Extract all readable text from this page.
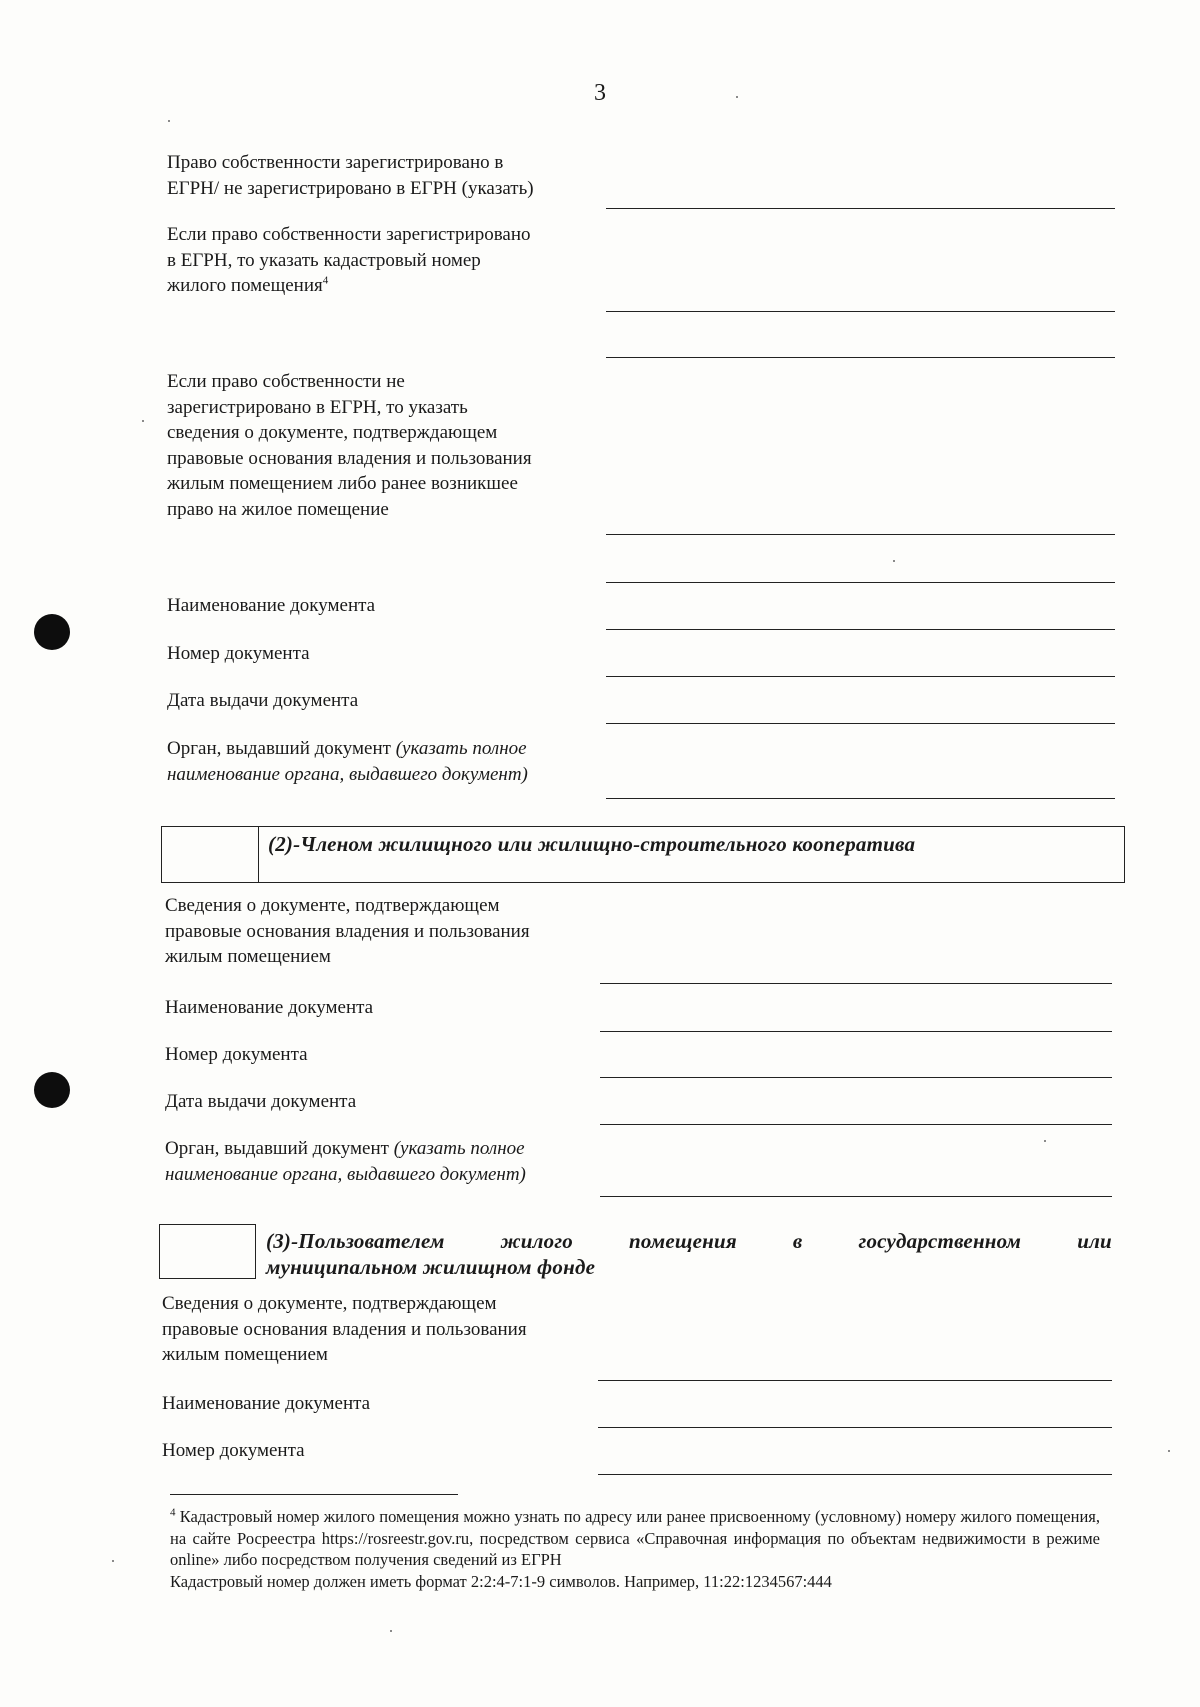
3
Право собственности зарегистрировано в
ЕГРН/ не зарегистрировано в ЕГРН (указать)
Если право собственности зарегистрировано
в ЕГРН, то указать кадастровый номер
жилого помещения$^4$
Если право собственности не
зарегистрировано в ЕГРН, то указать
сведения о документе, подтверждающем
правовые основания владения и пользования
жилым помещением либо ранее возникшее
право на жилое помещение
Наименование документа
Номер документа
Дата выдачи документа
Орган, выдавший документ (указать полное
наименование органа, выдавшего документ)
(2)-Членом жилищного или жилищно-строительного кооператива
Сведения о документе, подтверждающем
правовые основания владения и пользования
жилым помещением
Наименование документа
Номер документа
Дата выдачи документа
Орган, выдавший документ (указать полное
наименование органа, выдавшего документ)
(3)-Пользователем	жилого	помещения	в	государственном	или
муниципальном жилищном фонде
Сведения о документе, подтверждающем
правовые основания владения и пользования
жилым помещением
Наименование документа
Номер документа
$^4$ Кадастровый номер жилого помещения можно узнать по адресу или ранее присвоенному (условному) номеру жилого помещения, на сайте Росреестра https://rosreestr.gov.ru, посредством сервиса «Справочная информация по объектам недвижимости в режиме online» либо посредством получения сведений из ЕГРН
Кадастровый номер должен иметь формат 2:2:4-7:1-9 символов. Например, 11:22:1234567:444
